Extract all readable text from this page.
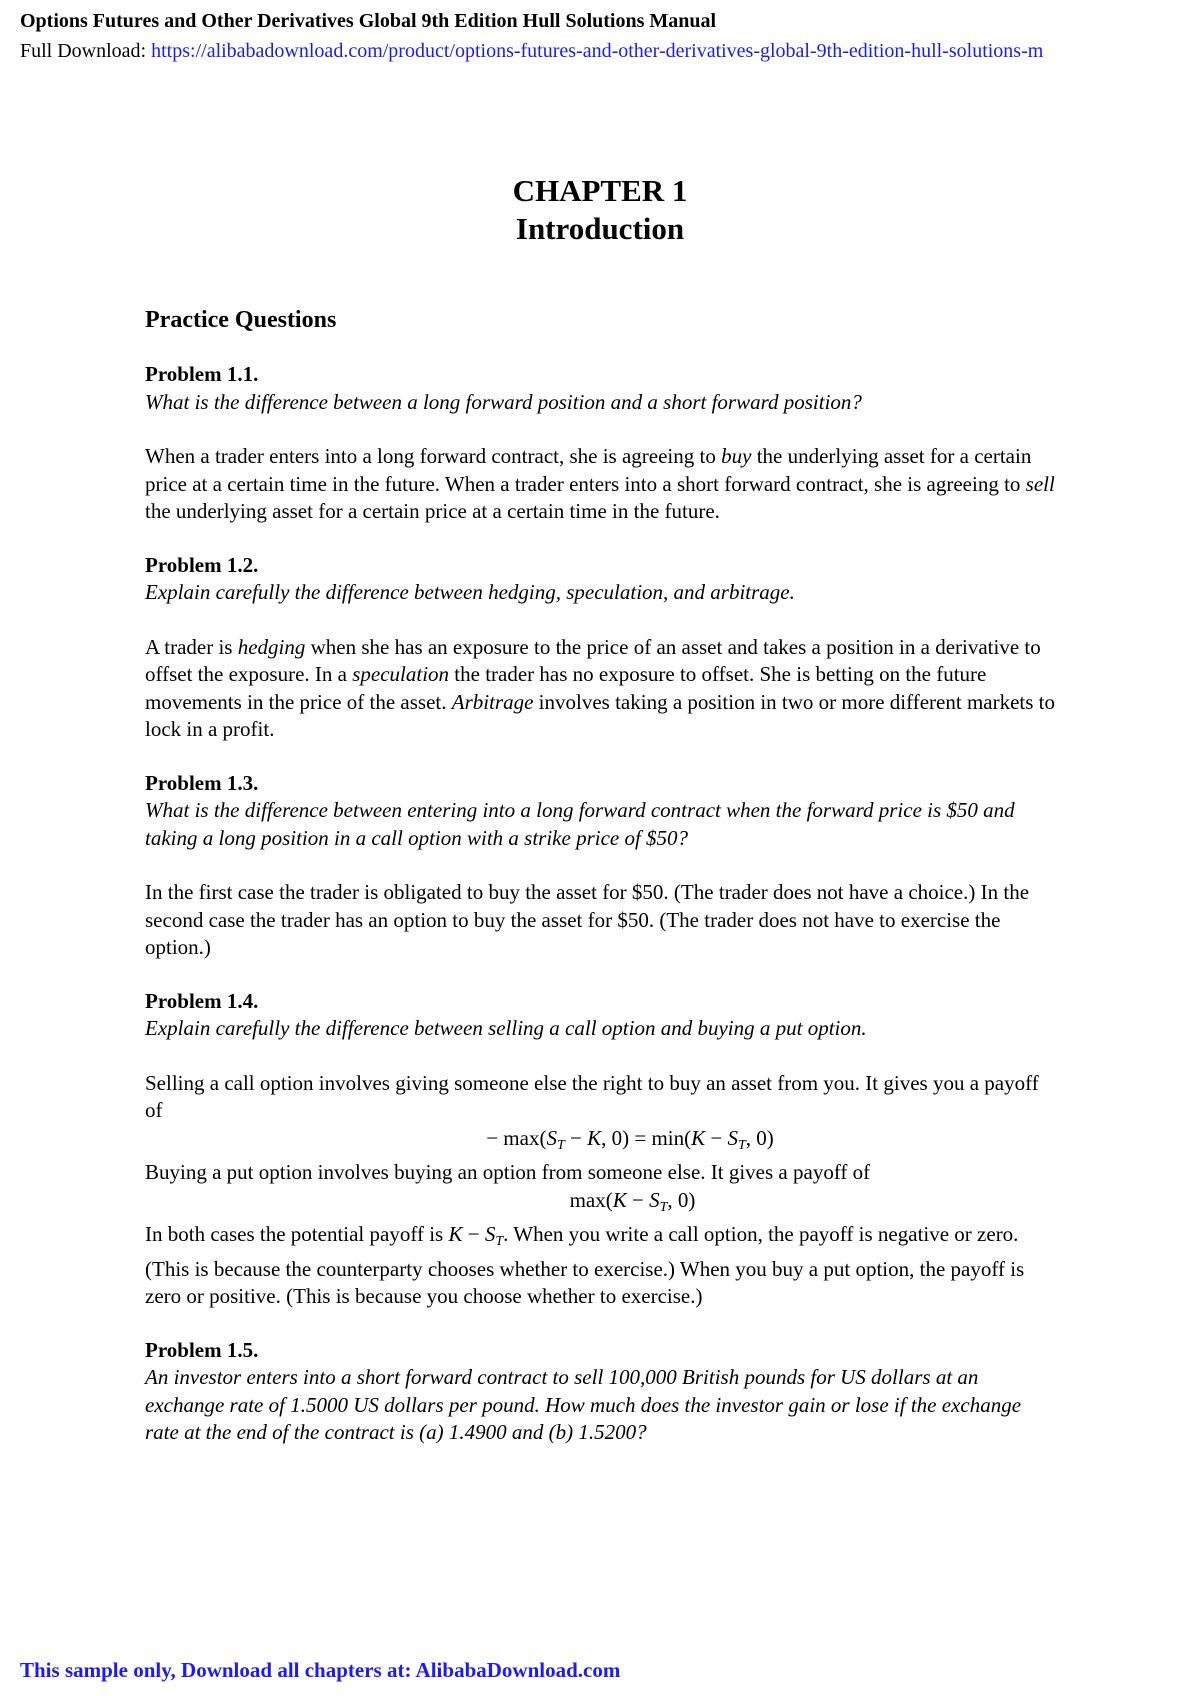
Options Futures and Other Derivatives Global 9th Edition Hull Solutions Manual
Full Download: https://alibabadownload.com/product/options-futures-and-other-derivatives-global-9th-edition-hull-solutions-m
CHAPTER 1
Introduction
Practice Questions
Problem 1.1.
What is the difference between a long forward position and a short forward position?
When a trader enters into a long forward contract, she is agreeing to buy the underlying asset for a certain price at a certain time in the future. When a trader enters into a short forward contract, she is agreeing to sell the underlying asset for a certain price at a certain time in the future.
Problem 1.2.
Explain carefully the difference between hedging, speculation, and arbitrage.
A trader is hedging when she has an exposure to the price of an asset and takes a position in a derivative to offset the exposure. In a speculation the trader has no exposure to offset. She is betting on the future movements in the price of the asset. Arbitrage involves taking a position in two or more different markets to lock in a profit.
Problem 1.3.
What is the difference between entering into a long forward contract when the forward price is $50 and taking a long position in a call option with a strike price of $50?
In the first case the trader is obligated to buy the asset for $50. (The trader does not have a choice.) In the second case the trader has an option to buy the asset for $50. (The trader does not have to exercise the option.)
Problem 1.4.
Explain carefully the difference between selling a call option and buying a put option.
Selling a call option involves giving someone else the right to buy an asset from you. It gives you a payoff of
− $\max(S_T - K$, $0) = \min(K - S_T$, 0)
Buying a put option involves buying an option from someone else. It gives a payoff of
$\max(K - S_T$, 0)
In both cases the potential payoff is $K - S_T$. When you write a call option, the payoff is negative or zero. (This is because the counterparty chooses whether to exercise.) When you buy a put option, the payoff is zero or positive. (This is because you choose whether to exercise.)
Problem 1.5.
An investor enters into a short forward contract to sell 100,000 British pounds for US dollars at an exchange rate of 1.5000 US dollars per pound. How much does the investor gain or lose if the exchange rate at the end of the contract is (a) 1.4900 and (b) 1.5200?
This sample only, Download all chapters at: AlibabaDownload.com
